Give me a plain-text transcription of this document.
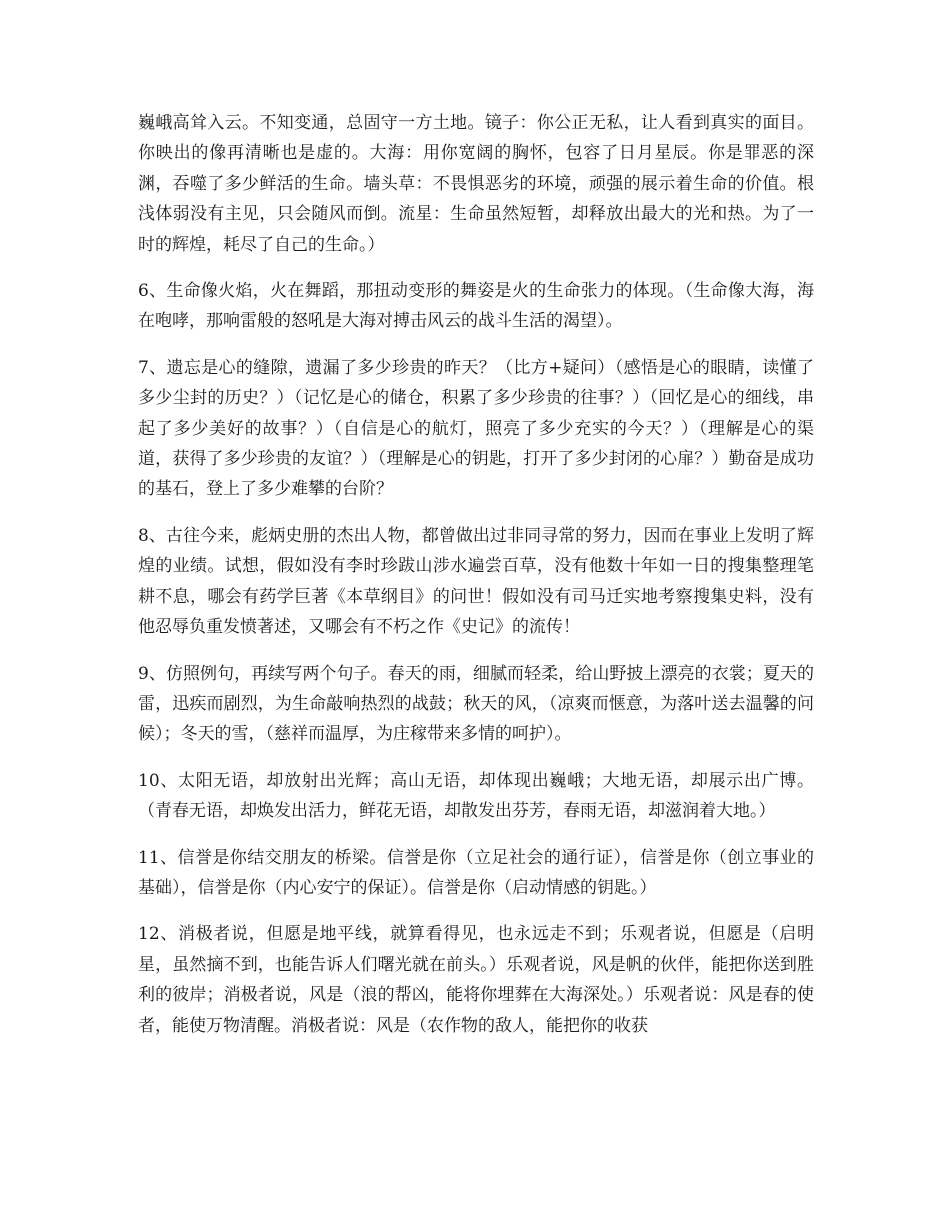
巍峨高耸入云。不知变通，总固守一方土地。镜子：你公正无私，让人看到真实的面目。你映出的像再清晰也是虚的。大海：用你宽阔的胸怀，包容了日月星辰。你是罪恶的深渊，吞噬了多少鲜活的生命。墙头草：不畏惧恶劣的环境，顽强的展示着生命的价值。根浅体弱没有主见，只会随风而倒。流星：生命虽然短暂，却释放出最大的光和热。为了一时的辉煌，耗尽了自己的生命。）

6、生命像火焰，火在舞蹈，那扭动变形的舞姿是火的生命张力的体现。（生命像大海，海在咆哮，那响雷般的怒吼是大海对搏击风云的战斗生活的渴望）。

7、遗忘是心的缝隙，遗漏了多少珍贵的昨天？（比方+疑问）（感悟是心的眼睛，读懂了多少尘封的历史？）（记忆是心的储仓，积累了多少珍贵的往事？）（回忆是心的细线，串起了多少美好的故事？）（自信是心的航灯，照亮了多少充实的今天？）（理解是心的渠道，获得了多少珍贵的友谊？）（理解是心的钥匙，打开了多少封闭的心扉？）勤奋是成功的基石，登上了多少难攀的台阶？

8、古往今来，彪炳史册的杰出人物，都曾做出过非同寻常的努力，因而在事业上发明了辉煌的业绩。试想，假如没有李时珍跋山涉水遍尝百草，没有他数十年如一日的搜集整理笔耕不息，哪会有药学巨著《本草纲目》的问世！假如没有司马迁实地考察搜集史料，没有他忍辱负重发愤著述，又哪会有不朽之作《史记》的流传！

9、仿照例句，再续写两个句子。春天的雨，细腻而轻柔，给山野披上漂亮的衣裳；夏天的雷，迅疾而剧烈，为生命敲响热烈的战鼓；秋天的风，（凉爽而惬意，为落叶送去温馨的问候）；冬天的雪，（慈祥而温厚，为庄稼带来多情的呵护）。

10、太阳无语，却放射出光辉；高山无语，却体现出巍峨；大地无语，却展示出广博。（青春无语，却焕发出活力，鲜花无语，却散发出芬芳，春雨无语，却滋润着大地。）

11、信誉是你结交朋友的桥梁。信誉是你（立足社会的通行证），信誉是你（创立事业的基础），信誉是你（内心安宁的保证）。信誉是你（启动情感的钥匙。）

12、消极者说，但愿是地平线，就算看得见，也永远走不到；乐观者说，但愿是（启明星，虽然摘不到，也能告诉人们曙光就在前头。）乐观者说，风是帆的伙伴，能把你送到胜利的彼岸；消极者说，风是（浪的帮凶，能将你埋葬在大海深处。）乐观者说：风是春的使者，能使万物清醒。消极者说：风是（农作物的敌人，能把你的收获
